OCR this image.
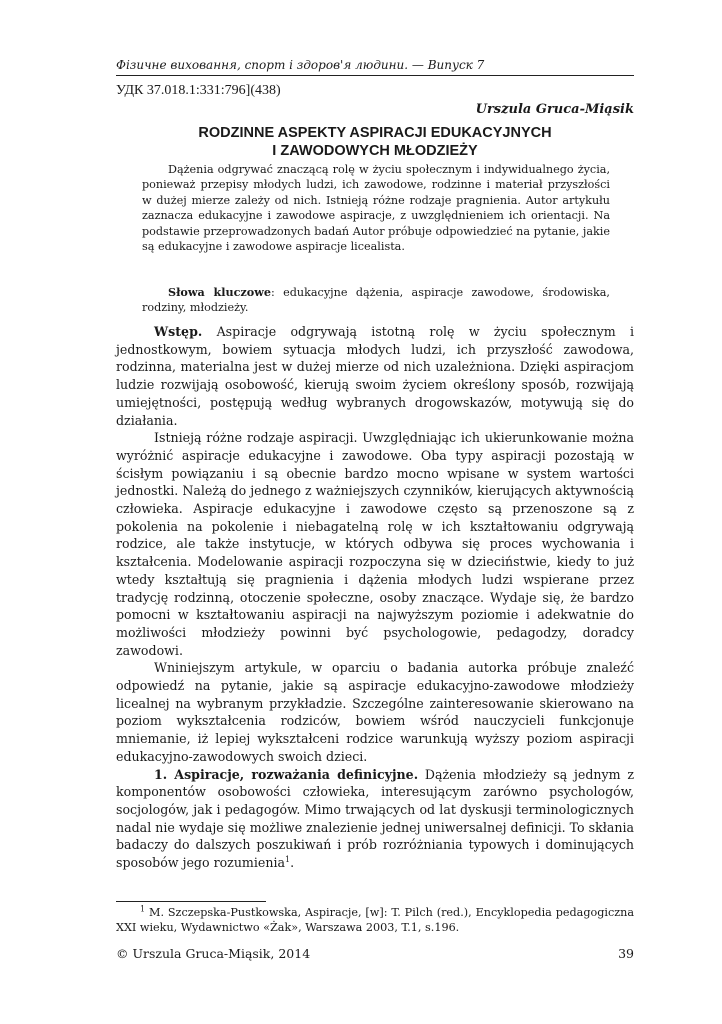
Фізичне виховання, спорт і здоров'я людини. — Випуск 7
УДК 37.018.1:331:796](438)
Urszula Gruca-Miąsik
RODZINNE ASPEKTY ASPIRACJI EDUKACYJNYCH
I ZAWODOWYCH MŁODZIEŻY

Dążenia odgrywać znaczącą rolę w życiu społecznym i indywidualnego życia, ponieważ przepisy młodych ludzi, ich zawodowe, rodzinne i materiał przyszłości w dużej mierze zależy od nich. Istnieją różne rodzaje pragnienia. Autor artykułu zaznacza edukacyjne i zawodowe aspiracje, z uwzględnieniem ich orientacji. Na podstawie przeprowadzonych badań Autor próbuje odpowiedzieć na pytanie, jakie są edukacyjne i zawodowe aspiracje licealista.

Słowa kluczowe: edukacyjne dążenia, aspiracje zawodowe, środowiska, rodziny, młodzieży.

Wstęp. Aspiracje odgrywają istotną rolę w życiu społecznym i jednostkowym, bowiem sytuacja młodych ludzi, ich przyszłość zawodowa, rodzinna, materialna jest w dużej mierze od nich uzależniona. Dzięki aspiracjom ludzie rozwijają osobowość, kierują swoim życiem określony sposób, rozwijają umiejętności, postępują według wybranych drogowskazów, motywują się do działania.

Istnieją różne rodzaje aspiracji. Uwzględniając ich ukierunkowanie można wyróżnić aspiracje edukacyjne i zawodowe. Oba typy aspiracji pozostają w ścisłym powiązaniu i są obecnie bardzo mocno wpisane w system wartości jednostki. Należą do jednego z ważniejszych czynników, kierujących aktywnością człowieka. Aspiracje edukacyjne i zawodowe często są przenoszone są z pokolenia na pokolenie i niebagatelną rolę w ich kształtowaniu odgrywają rodzice, ale także instytucje, w których odbywa się proces wychowania i kształcenia. Modelowanie aspiracji rozpoczyna się w dzieciństwie, kiedy to już wtedy kształtują się pragnienia i dążenia młodych ludzi wspierane przez tradycję rodzinną, otoczenie społeczne, osoby znaczące. Wydaje się, że bardzo pomocni w kształtowaniu aspiracji na najwyższym poziomie i adekwatnie do możliwości młodzieży powinni być psychologowie, pedagodzy, doradcy zawodowi.

Wniniejszym artykule, w oparciu o badania autorka próbuje znaleźć odpowiedź na pytanie, jakie są aspiracje edukacyjno-zawodowe młodzieży licealnej na wybranym przykładzie. Szczególne zainteresowanie skierowano na poziom wykształcenia rodziców, bowiem wśród nauczycieli funkcjonuje mniemanie, iż lepiej wykształceni rodzice warunkują wyższy poziom aspiracji edukacyjno-zawodowych swoich dzieci.

1. Aspiracje, rozważania definicyjne. Dążenia młodzieży są jednym z komponentów osobowości człowieka, interesującym zarówno psychologów, socjologów, jak i pedagogów. Mimo trwających od lat dyskusji terminologicznych nadal nie wydaje się możliwe znalezienie jednej uniwersalnej definicji. To skłania badaczy do dalszych poszukiwań i prób rozróżniania typowych i dominujących sposobów jego rozumienia$^1$.

$^1$ M. Szczepska-Pustkowska, Aspiracje, [w]: T. Pilch (red.), Encyklopedia pedagogiczna XXI wieku, Wydawnictwo «Żak», Warszawa 2003, T.1, s.196.

© Urszula Gruca-Miąsik, 2014	39
